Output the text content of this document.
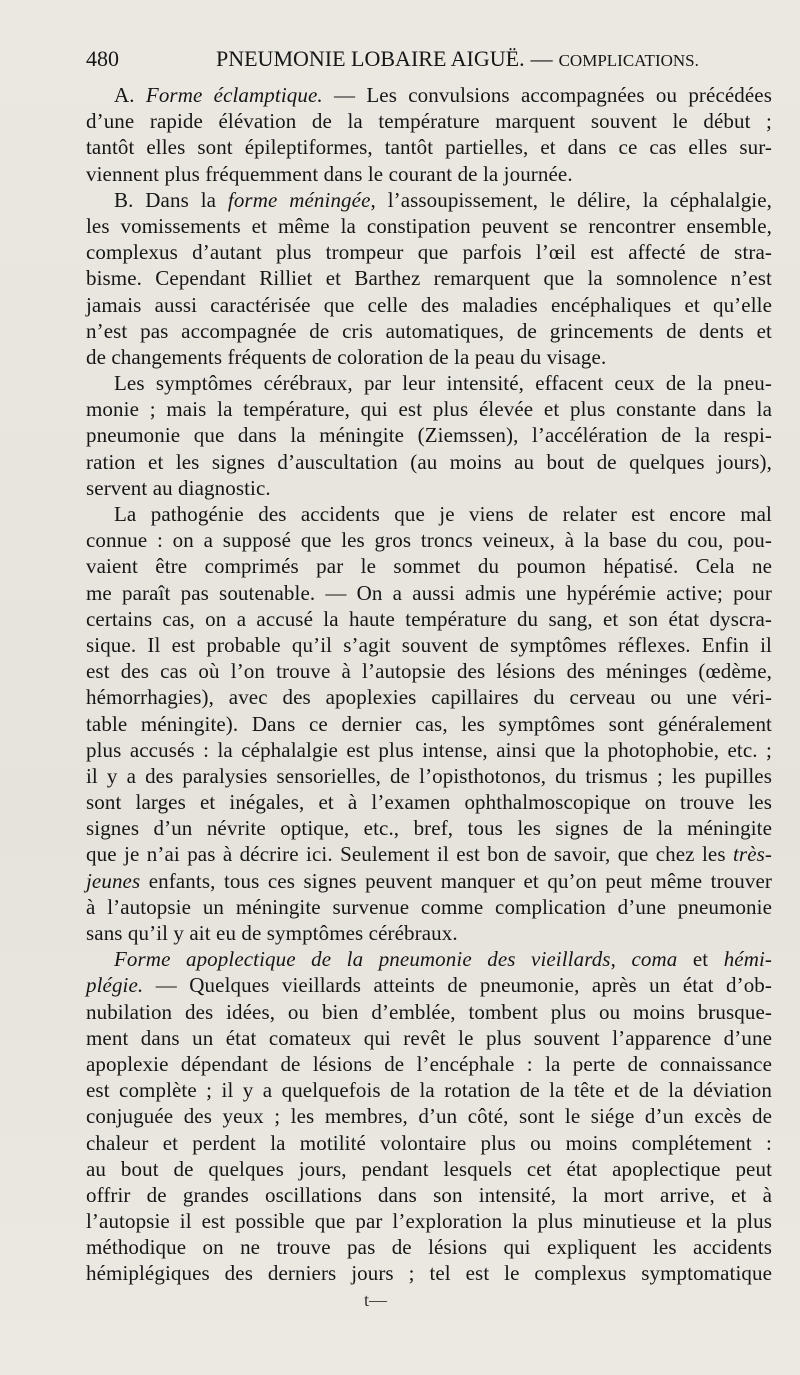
480	PNEUMONIE LOBAIRE AIGUË. — COMPLICATIONS.
A. Forme éclamptique. — Les convulsions accompagnées ou précédées
d’une rapide élévation de la température marquent souvent le début ;
tantôt elles sont épileptiformes, tantôt partielles, et dans ce cas elles sur-
viennent plus fréquemment dans le courant de la journée.
B. Dans la forme méningée, l’assoupissement, le délire, la céphalalgie,
les vomissements et même la constipation peuvent se rencontrer ensemble,
complexus d’autant plus trompeur que parfois l’œil est affecté de stra-
bisme. Cependant Rilliet et Barthez remarquent que la somnolence n’est
jamais aussi caractérisée que celle des maladies encéphaliques et qu’elle
n’est pas accompagnée de cris automatiques, de grincements de dents et
de changements fréquents de coloration de la peau du visage.
Les symptômes cérébraux, par leur intensité, effacent ceux de la pneu-
monie ; mais la température, qui est plus élevée et plus constante dans la
pneumonie que dans la méningite (Ziemssen), l’accélération de la respi-
ration et les signes d’auscultation (au moins au bout de quelques jours),
servent au diagnostic.
La pathogénie des accidents que je viens de relater est encore mal
connue : on a supposé que les gros troncs veineux, à la base du cou, pou-
vaient être comprimés par le sommet du poumon hépatisé. Cela ne
me paraît pas soutenable. — On a aussi admis une hypérémie active; pour
certains cas, on a accusé la haute température du sang, et son état dyscra-
sique. Il est probable qu’il s’agit souvent de symptômes réflexes. Enfin il
est des cas où l’on trouve à l’autopsie des lésions des méninges (œdème,
hémorrhagies), avec des apoplexies capillaires du cerveau ou une véri-
table méningite). Dans ce dernier cas, les symptômes sont généralement
plus accusés : la céphalalgie est plus intense, ainsi que la photophobie, etc. ;
il y a des paralysies sensorielles, de l’opisthotonos, du trismus ; les pupilles
sont larges et inégales, et à l’examen ophthalmoscopique on trouve les
signes d’un névrite optique, etc., bref, tous les signes de la méningite
que je n’ai pas à décrire ici. Seulement il est bon de savoir, que chez les très-
jeunes enfants, tous ces signes peuvent manquer et qu’on peut même trouver
à l’autopsie un méningite survenue comme complication d’une pneumonie
sans qu’il y ait eu de symptômes cérébraux.
Forme apoplectique de la pneumonie des vieillards, coma et hémi-
plégie. — Quelques vieillards atteints de pneumonie, après un état d’ob-
nubilation des idées, ou bien d’emblée, tombent plus ou moins brusque-
ment dans un état comateux qui revêt le plus souvent l’apparence d’une
apoplexie dépendant de lésions de l’encéphale : la perte de connaissance
est complète ; il y a quelquefois de la rotation de la tête et de la déviation
conjuguée des yeux ; les membres, d’un côté, sont le siége d’un excès de
chaleur et perdent la motilité volontaire plus ou moins complétement :
au bout de quelques jours, pendant lesquels cet état apoplectique peut
offrir de grandes oscillations dans son intensité, la mort arrive, et à
l’autopsie il est possible que par l’exploration la plus minutieuse et la plus
méthodique on ne trouve pas de lésions qui expliquent les accidents
hémiplégiques des derniers jours ; tel est le complexus symptomatique
t—
